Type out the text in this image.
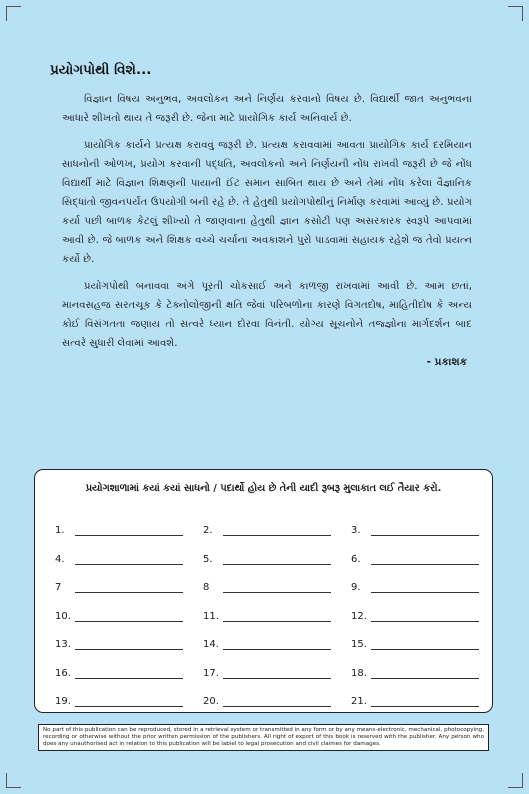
પ્રયોગપોથી વિશે...

વિજ્ઞાન વિષય અનુભવ, અવલોકન અને નિર્ણય કરવાનો વિષય છે. વિદ્યાર્થી જાત અનુભવના આધારે શીખતો થાય તે જરૂરી છે. જેના માટે પ્રાયોગિક કાર્ય અનિવાર્ય છે.

પ્રાયોગિક કાર્યને પ્રત્યક્ષ કરાવવું જરૂરી છે. પ્રત્યક્ષ કરાવવામાં આવતા પ્રાયોગિક કાર્ય દરમિયાન સાધનોની ઓળખ, પ્રયોગ કરવાની પદ્ધતિ, અવલોકનો અને નિર્ણયની નોંધ રાખવી જરૂરી છે જે નોંધ વિદ્યાર્થી માટે વિજ્ઞાન શિક્ષણની પાયાની ઈંટ સમાન સાબિત થાય છે અને તેમાં નોંધ કરેલા વૈજ્ઞાનિક સિદ્ધાંતો જીવનપર્યંત ઉપયોગી બની રહે છે. તે હેતુથી પ્રયોગપોથીનું નિર્માણ કરવામાં આવ્યું છે. પ્રયોગ કર્યા પછી બાળક કેટલું શીખ્યો તે જાણવાના હેતુથી જ્ઞાન કસોટી પણ અસરકારક સ્વરૂપે આપવામાં આવી છે. જે બાળક અને શિક્ષક વચ્ચે ચર્ચાના અવકાશને પુરો પાડવામાં સહાયક રહેશે જ તેવો પ્રયત્ન કર્યો છે.

પ્રયોગપોથી બનાવવા અંગે પૂરતી ચોકસાઈ અને કાળજી રાખવામાં આવી છે. આમ છતાં, માનવસહજ સરતચૂક કે ટેક્નોલોજીની ક્ષતિ જેવાં પરિબળોના કારણે વિગતદોષ, માહિતીદોષ કે અન્ય કોઈ વિસંગતતા જણાય તો સત્વરે ધ્યાન દોરવા વિનંતી. યોગ્ય સૂચનોને તજ્જ્ઞોના માર્ગદર્શન બાદ સત્વરે સુધારી લેવામાં આવશે.

- પ્રકાશક
પ્રયોગશાળામાં કયાં કયાં સાધનો / પદાર્થો હોય છે તેની યાદી રૂબરૂ મુલાકાત લઈ તૈયાર કરો.
1.	2.	3.
4.	5.	6.
7	8	9.
10.	11.	12.
13.	14.	15.
16.	17.	18.
19.	20.	21.
No part of this publication can be reproduced, stored in a retrieval system or transmitted in any form or by any means-electronic, mechanical, photocopying, recording or otherwise without the prior written permission of the publishers. All right of export of this book is reserved with the publisher. Any person who does any unauthorised act in relation to this publication will be labiel to legal prosecution and civil claimes for damages.
